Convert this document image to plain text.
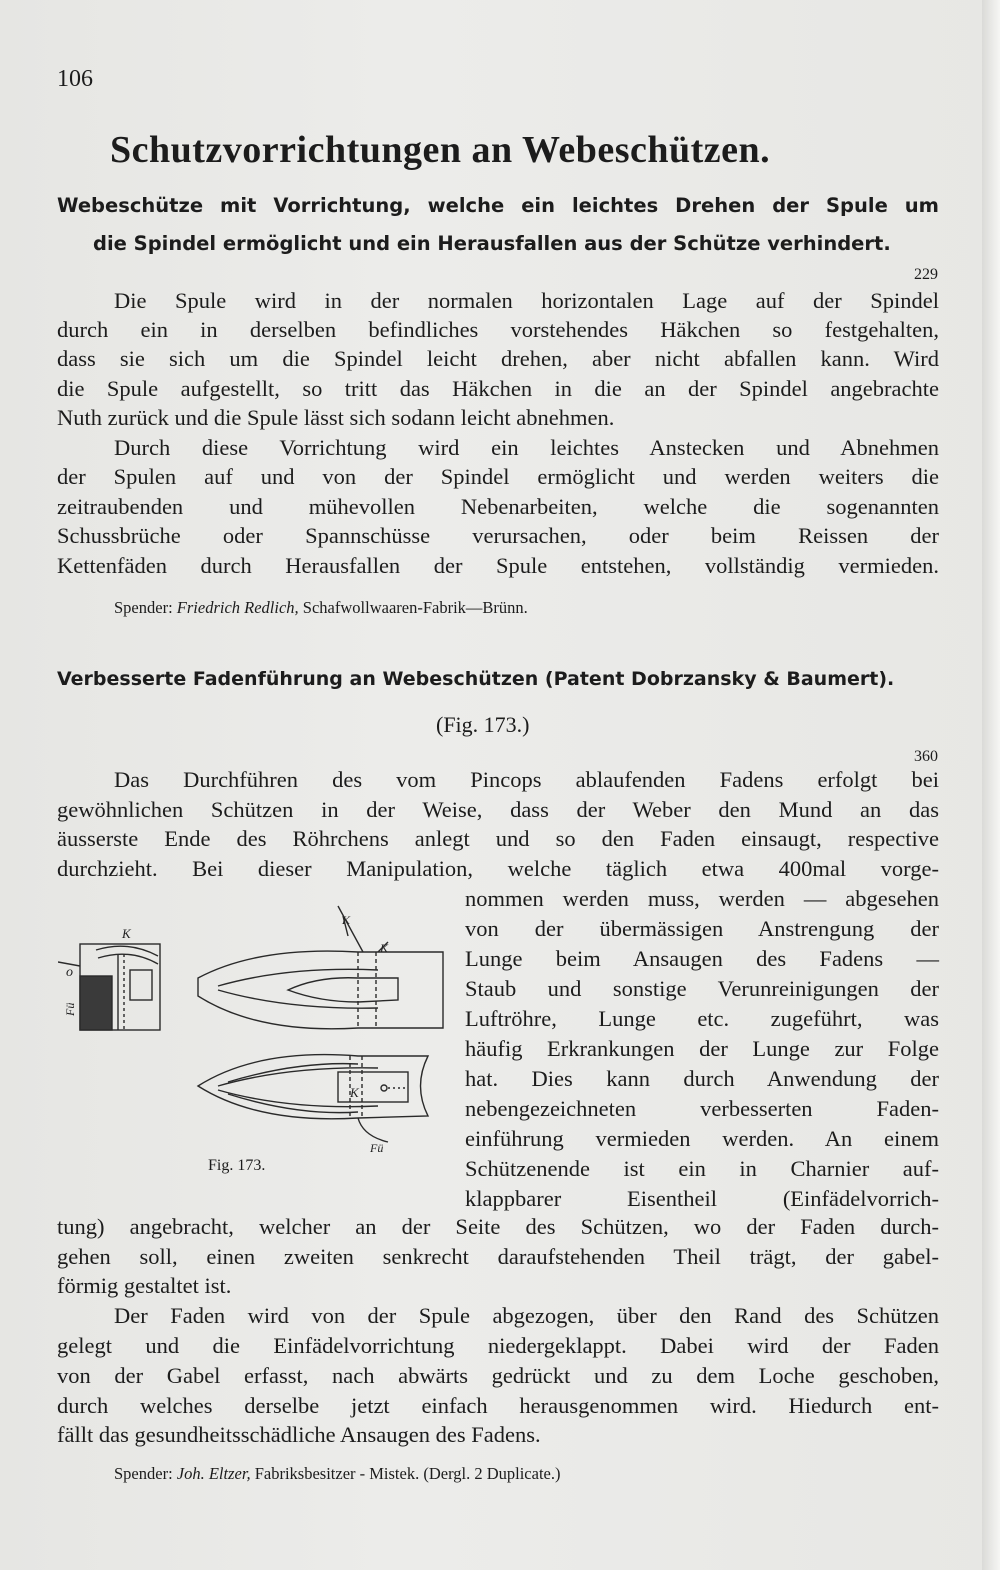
106
Schutzvorrichtungen an Webeschützen.
Webeschütze mit Vorrichtung, welche ein leichtes Drehen der Spule um
die Spindel ermöglicht und ein Herausfallen aus der Schütze verhindert.
229
Die Spule wird in der normalen horizontalen Lage auf der Spindel
durch ein in derselben befindliches vorstehendes Häkchen so festgehalten,
dass sie sich um die Spindel leicht drehen, aber nicht abfallen kann. Wird
die Spule aufgestellt, so tritt das Häkchen in die an der Spindel angebrachte
Nuth zurück und die Spule lässt sich sodann leicht abnehmen.
Durch diese Vorrichtung wird ein leichtes Anstecken und Abnehmen
der Spulen auf und von der Spindel ermöglicht und werden weiters die
zeitraubenden und mühevollen Nebenarbeiten, welche die sogenannten
Schussbrüche oder Spannschüsse verursachen, oder beim Reissen der
Kettenfäden durch Herausfallen der Spule entstehen, vollständig vermieden.
Spender: Friedrich Redlich, Schafwollwaaren-Fabrik—Brünn.
Verbesserte Fadenführung an Webeschützen (Patent Dobrzansky & Baumert).
(Fig. 173.)
360
Das Durchführen des vom Pincops ablaufenden Fadens erfolgt bei
gewöhnlichen Schützen in der Weise, dass der Weber den Mund an das
äusserste Ende des Röhrchens anlegt und so den Faden einsaugt, respective
durchzieht. Bei dieser Manipulation, welche täglich etwa 400mal vorge-
nommen werden muss, werden — abgesehen
von der übermässigen Anstrengung der
Lunge beim Ansaugen des Fadens —
Staub und sonstige Verunreinigungen der
Luftröhre, Lunge etc. zugeführt, was
häufig Erkrankungen der Lunge zur Folge
hat. Dies kann durch Anwendung der
nebengezeichneten verbesserten Faden-
einführung vermieden werden. An einem
Schützenende ist ein in Charnier auf-
klappbarer Eisentheil (Einfädelvorrich-
K
o
Fü
K
K
K
Fü
Fig. 173.
tung) angebracht, welcher an der Seite des Schützen, wo der Faden durch-
gehen soll, einen zweiten senkrecht daraufstehenden Theil trägt, der gabel-
förmig gestaltet ist.
Der Faden wird von der Spule abgezogen, über den Rand des Schützen
gelegt und die Einfädelvorrichtung niedergeklappt. Dabei wird der Faden
von der Gabel erfasst, nach abwärts gedrückt und zu dem Loche geschoben,
durch welches derselbe jetzt einfach herausgenommen wird. Hiedurch ent-
fällt das gesundheitsschädliche Ansaugen des Fadens.
Spender: Joh. Eltzer, Fabriksbesitzer - Mistek. (Dergl. 2 Duplicate.)
